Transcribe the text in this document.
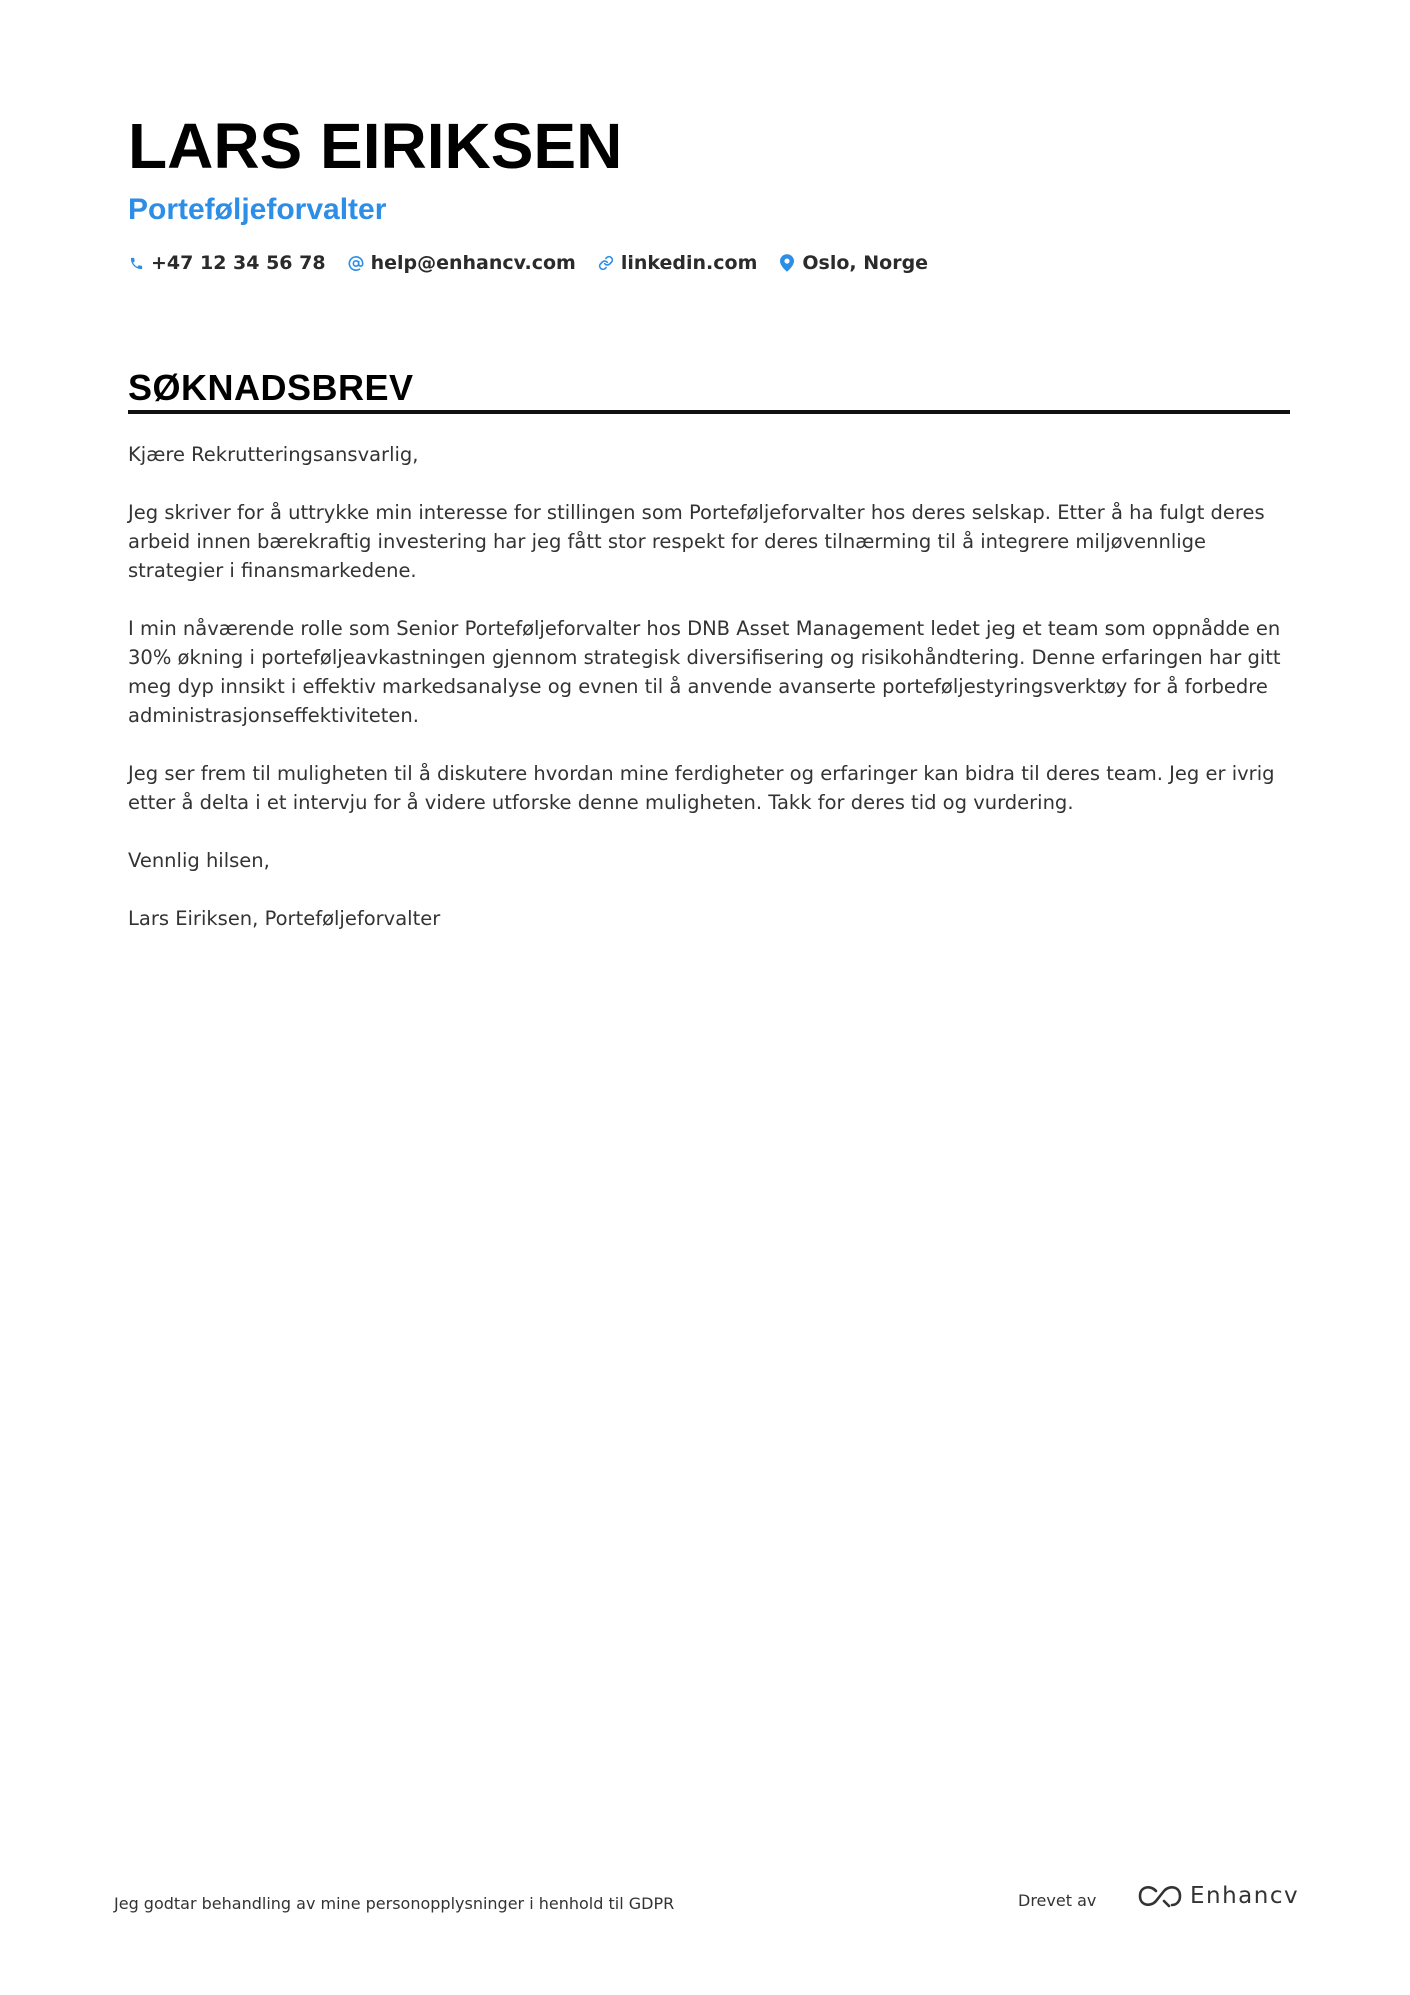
LARS EIRIKSEN
Porteføljeforvalter
+47 12 34 56 78 help@enhancv.com linkedin.com Oslo, Norge
SØKNADSBREV

Kjære Rekrutteringsansvarlig,

Jeg skriver for å uttrykke min interesse for stillingen som Porteføljeforvalter hos deres selskap. Etter å ha fulgt deres arbeid innen bærekraftig investering har jeg fått stor respekt for deres tilnærming til å integrere miljøvennlige strategier i finansmarkedene.

I min nåværende rolle som Senior Porteføljeforvalter hos DNB Asset Management ledet jeg et team som oppnådde en 30% økning i porteføljeavkastningen gjennom strategisk diversifisering og risikohåndtering. Denne erfaringen har gitt meg dyp innsikt i effektiv markedsanalyse og evnen til å anvende avanserte porteføljestyringsverktøy for å forbedre administrasjonseffektiviteten.

Jeg ser frem til muligheten til å diskutere hvordan mine ferdigheter og erfaringer kan bidra til deres team. Jeg er ivrig etter å delta i et intervju for å videre utforske denne muligheten. Takk for deres tid og vurdering.

Vennlig hilsen,

Lars Eiriksen, Porteføljeforvalter

Jeg godtar behandling av mine personopplysninger i henhold til GDPR	Drevet av	Enhancv
